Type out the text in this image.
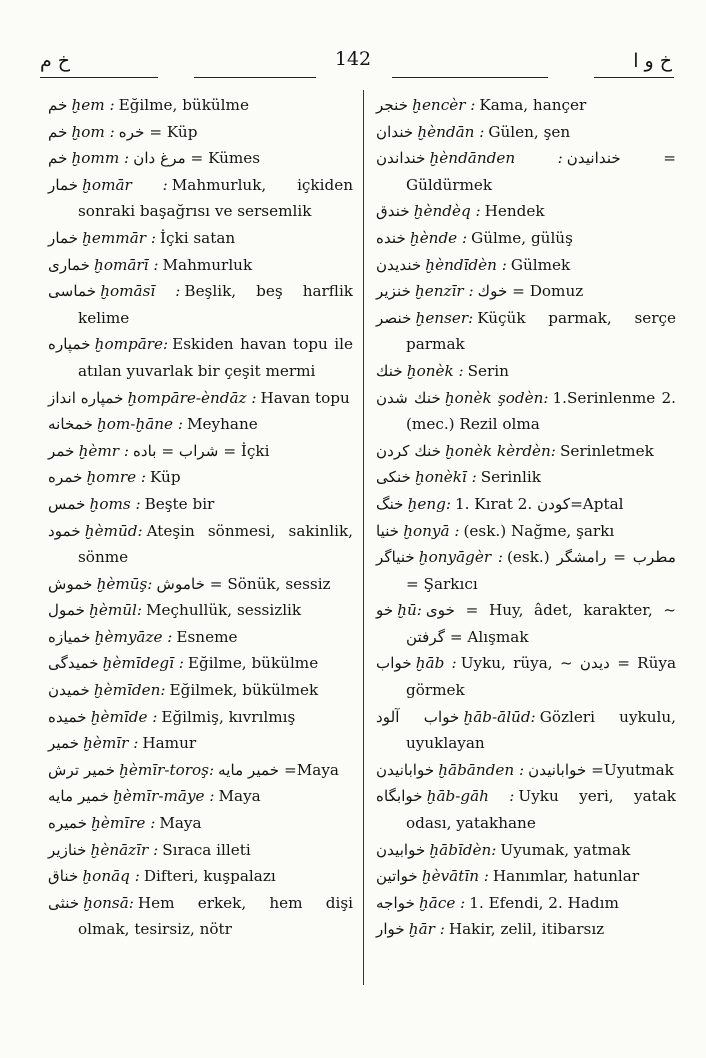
خ م	142	خ و ا
خم ḫem : Eğilme, bükülme
خم ḫom : خره = Küp
خم ḫomm : مرغ دان = Kümes
خمار ḫomār : Mahmurluk, içkiden sonraki başağrısı ve sersemlik
خمار ḫemmār : İçki satan
خماری ḫomārī : Mahmurluk
خماسی ḫomāsī : Beşlik, beş harflik kelime
خمپاره ḫompāre: Eskiden havan topu ile atılan yuvarlak bir çeşit mermi
خمپاره انداز ḫompāre-èndāz : Havan topu
خمخانه ḫom-ḫāne : Meyhane
خمر ḫèmr : شراب = باده = İçki
خمره ḫomre : Küp
خمس ḫoms : Beşte bir
خمود ḫèmūd: Ateşin sönmesi, sakinlik, sönme
خموش ḫèmūş: خاموش = Sönük, sessiz
خمول ḫèmūl: Meçhullük, sessizlik
خمیازه ḫèmyāze : Esneme
خمیدگی ḫèmīdegī : Eğilme, bükülme
خمیدن ḫèmīden: Eğilmek, bükülmek
خمیده ḫèmīde : Eğilmiş, kıvrılmış
خمیر ḫèmīr : Hamur
خمیر ترش ḫèmīr-toroş: خمیر مایه =Maya
خمیر مایه ḫèmīr-māye : Maya
خمیره ḫèmīre : Maya
خنازیر ḫènāzīr : Sıraca illeti
خناق ḫonāq : Difteri, kuşpalazı
خنثی ḫonsā: Hem erkek, hem dişi olmak, tesirsiz, nötr
خنجر ḫencèr : Kama, hançer
خندان ḫèndān : Gülen, şen
خنداندن ḫèndānden : خندانیدن = Güldürmek
خندق ḫèndèq : Hendek
خنده ḫènde : Gülme, gülüş
خندیدن ḫèndīdèn : Gülmek
خنزیر ḫenzīr : خوك = Domuz
خنصر ḫenser: Küçük parmak, serçe parmak
خنك ḫonèk : Serin
خنك شدن ḫonèk şodèn: 1.Serinlenme 2. (mec.) Rezil olma
خنك کردن ḫonèk kèrdèn: Serinletmek
خنکی ḫonèkī : Serinlik
خنگ ḫeng: 1. Kırat 2. کودن=Aptal
خنیا ḫonyā : (esk.) Nağme, şarkı
خنیاگر ḫonyāgèr : (esk.) مطرب = رامشگر = Şarkıcı
خو ḫū: خوی = Huy, âdet, karakter, ~ گرفتن = Alışmak
خواب ḫāb : Uyku, rüya, ~ دیدن = Rüya görmek
خواب آلود ḫāb-ālūd: Gözleri uykulu, uyuklayan
خوابانیدن ḫābānden : خوابانیدن =Uyutmak
خوابگاه ḫāb-gāh : Uyku yeri, yatak odası, yatakhane
خوابیدن ḫābīdèn: Uyumak, yatmak
خواتین ḫèvātīn : Hanımlar, hatunlar
خواجه ḫāce : 1. Efendi, 2. Hadım
خوار ḫār : Hakir, zelil, itibarsız
